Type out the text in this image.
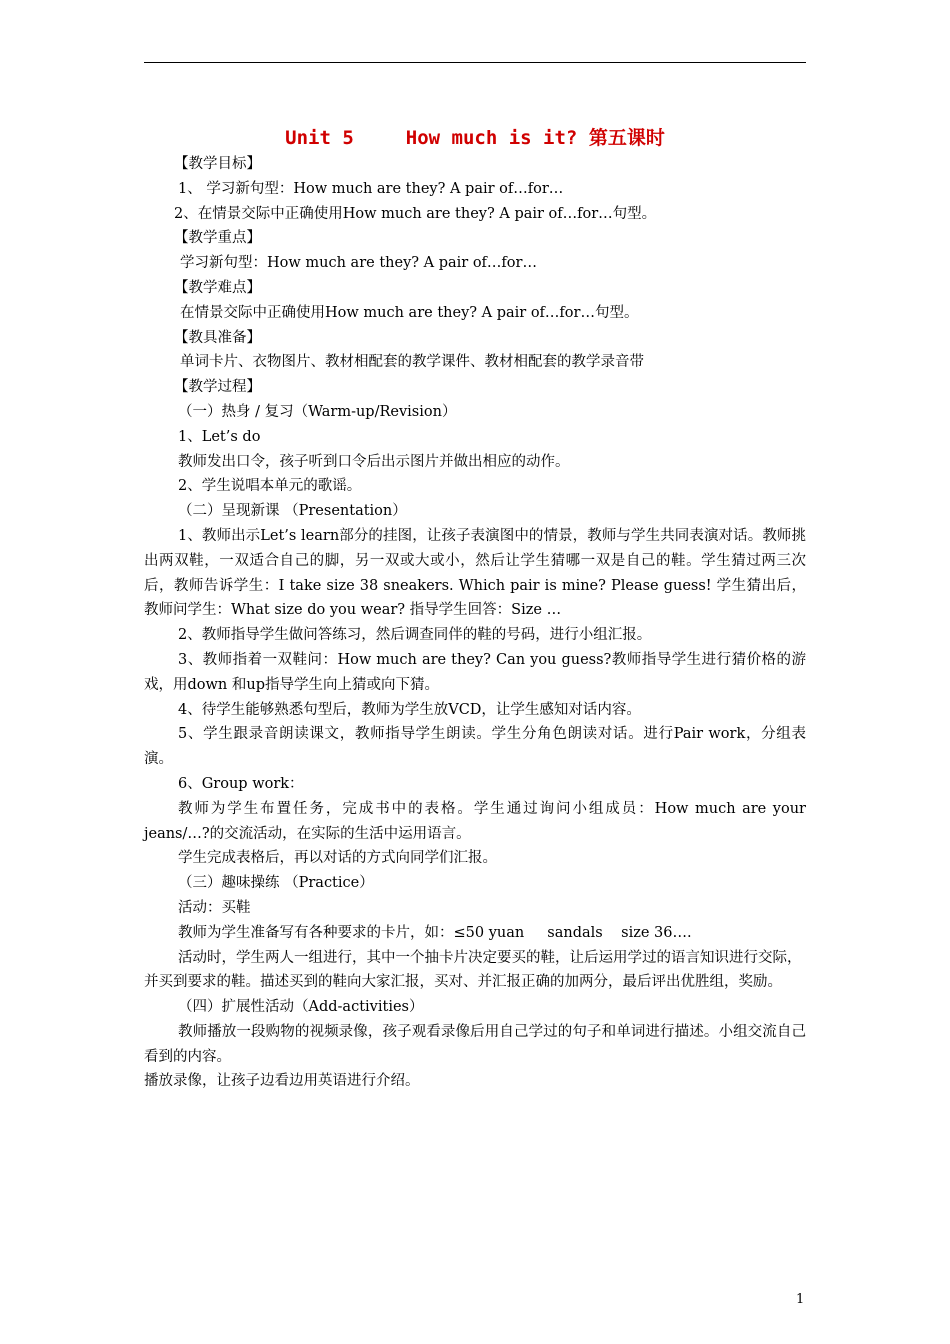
Unit 5	How much is it? 第五课时

【教学目标】

1、 学习新句型：How much are they? A pair of…for…

2、在情景交际中正确使用How much are they? A pair of…for…句型。

【教学重点】

学习新句型：How much are they? A pair of…for…

【教学难点】

在情景交际中正确使用How much are they? A pair of…for…句型。

【教具准备】

单词卡片、衣物图片、教材相配套的教学课件、教材相配套的教学录音带

【教学过程】

（一）热身 / 复习（Warm-up/Revision）

1、Let’s do

教师发出口令，孩子听到口令后出示图片并做出相应的动作。

2、学生说唱本单元的歌谣。

（二）呈现新课 （Presentation）

1、教师出示Let’s learn部分的挂图，让孩子表演图中的情景，教师与学生共同表演对话。教师挑出两双鞋，一双适合自己的脚，另一双或大或小，然后让学生猜哪一双是自己的鞋。学生猜过两三次后，教师告诉学生：I take size 38 sneakers. Which pair is mine? Please guess! 学生猜出后，教师问学生：What size do you wear? 指导学生回答：Size …

2、教师指导学生做问答练习，然后调查同伴的鞋的号码，进行小组汇报。

3、教师指着一双鞋问：How much are they? Can you guess?教师指导学生进行猜价格的游戏，用down 和up指导学生向上猜或向下猜。

4、待学生能够熟悉句型后，教师为学生放VCD，让学生感知对话内容。

5、学生跟录音朗读课文，教师指导学生朗读。学生分角色朗读对话。进行Pair work，分组表演。

6、Group work：

教师为学生布置任务，完成书中的表格。学生通过询问小组成员：How much are your jeans/…?的交流活动，在实际的生活中运用语言。

学生完成表格后，再以对话的方式向同学们汇报。

（三）趣味操练 （Practice）

活动：买鞋

教师为学生准备写有各种要求的卡片，如：≤50 yuan     sandals    size 36….

活动时，学生两人一组进行，其中一个抽卡片决定要买的鞋，让后运用学过的语言知识进行交际，并买到要求的鞋。描述买到的鞋向大家汇报，买对、并汇报正确的加两分，最后评出优胜组，奖励。

（四）扩展性活动（Add-activities）

教师播放一段购物的视频录像，孩子观看录像后用自己学过的句子和单词进行描述。小组交流自己看到的内容。

播放录像，让孩子边看边用英语进行介绍。

1
